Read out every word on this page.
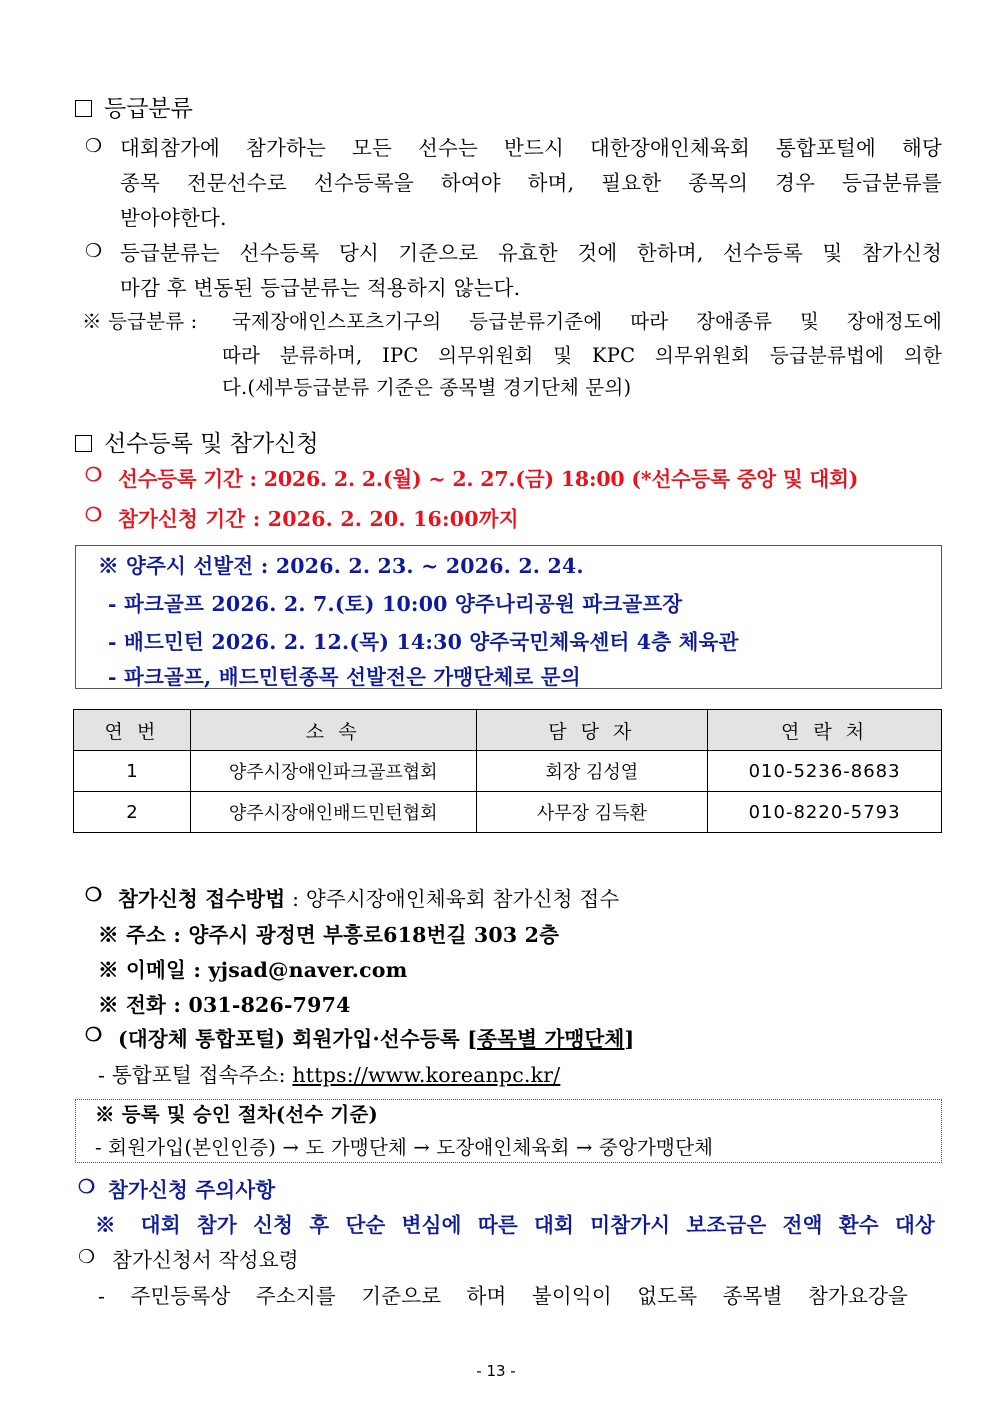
등급분류
❍ 대회참가에 참가하는 모든 선수는 반드시 대한장애인체육회 통합포털에 해당
종목 전문선수로 선수등록을 하여야 하며, 필요한 종목의 경우 등급분류를
받아야한다.
❍ 등급분류는 선수등록 당시 기준으로 유효한 것에 한하며, 선수등록 및 참가신청
마감 후 변동된 등급분류는 적용하지 않는다.
※ 등급분류 : 국제장애인스포츠기구의 등급분류기준에 따라 장애종류 및 장애정도에
따라 분류하며, IPC 의무위원회 및 KPC 의무위원회 등급분류법에 의한
다.(세부등급분류 기준은 종목별 경기단체 문의)
선수등록 및 참가신청
❍ 선수등록 기간 : 2026. 2. 2.(월) ~ 2. 27.(금) 18:00 (*선수등록 중앙 및 대회)
❍ 참가신청 기간 : 2026. 2. 20. 16:00까지
※ 양주시 선발전 : 2026. 2. 23. ~ 2026. 2. 24.
- 파크골프 2026. 2. 7.(토) 10:00 양주나리공원 파크골프장
- 배드민턴 2026. 2. 12.(목) 14:30 양주국민체육센터 4층 체육관
- 파크골프, 배드민턴종목 선발전은 가맹단체로 문의
연 번	소 속	담 당 자	연 락 처
1	양주시장애인파크골프협회	회장 김성열	010-5236-8683
2	양주시장애인배드민턴협회	사무장 김득환	010-8220-5793
❍ 참가신청 접수방법 : 양주시장애인체육회 참가신청 접수
※ 주소 : 양주시 광정면 부흥로618번길 303 2층
※ 이메일 : yjsad@naver.com
※ 전화 : 031-826-7974
❍ (대장체 통합포털) 회원가입·선수등록 [종목별 가맹단체]
- 통합포털 접속주소: https://www.koreanpc.kr/
※ 등록 및 승인 절차(선수 기준)
- 회원가입(본인인증) → 도 가맹단체 → 도장애인체육회 → 중앙가맹단체
❍ 참가신청 주의사항
※ 대회 참가 신청 후 단순 변심에 따른 대회 미참가시 보조금은 전액 환수 대상
❍ 참가신청서 작성요령
- 주민등록상 주소지를 기준으로 하며 불이익이 없도록 종목별 참가요강을
- 13 -
